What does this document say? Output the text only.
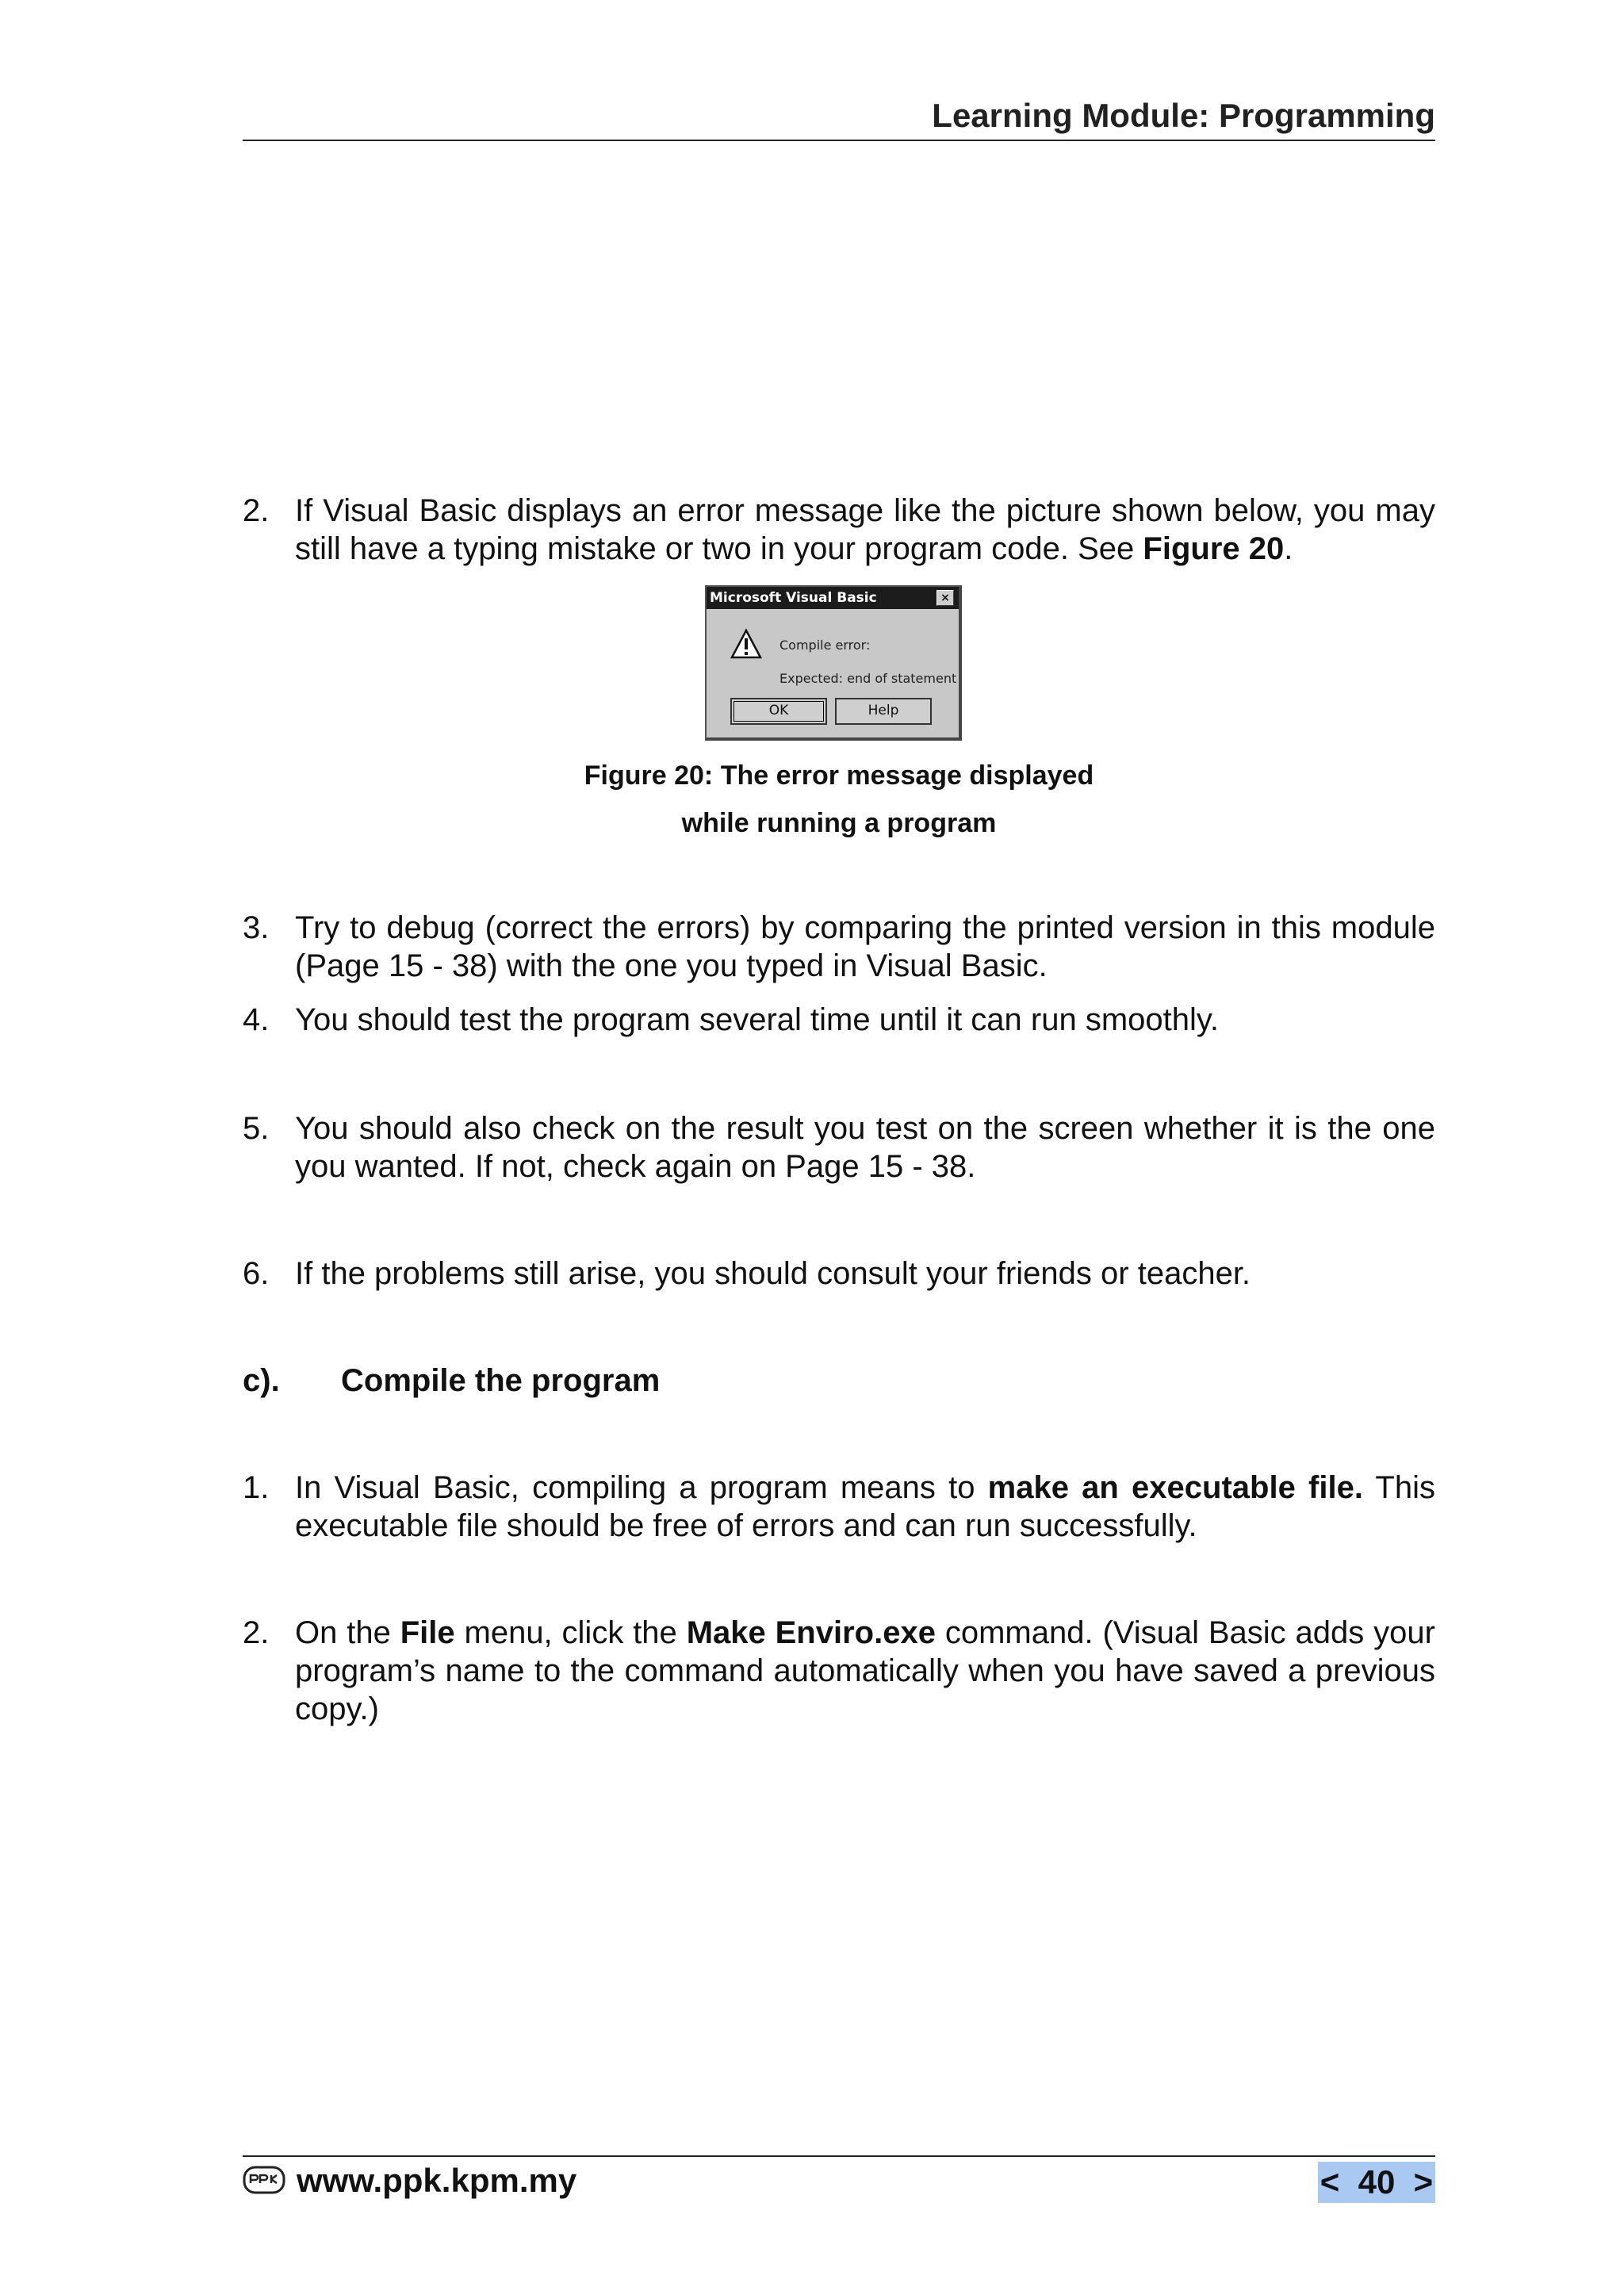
Learning Module: Programming
2. If Visual Basic displays an error message like the picture shown below, you may still have a typing mistake or two in your program code. See Figure 20.
Microsoft Visual Basic	×
Compile error:
Expected: end of statement
OK	Help
Figure 20: The error message displayed
while running a program
3. Try to debug (correct the errors) by comparing the printed version in this module (Page 15 - 38) with the one you typed in Visual Basic.
4. You should test the program several time until it can run smoothly.
5. You should also check on the result you test on the screen whether it is the one you wanted. If not, check again on Page 15 - 38.
6. If the problems still arise, you should consult your friends or teacher.
c).	Compile the program
1. In Visual Basic, compiling a program means to make an executable file. This executable file should be free of errors and can run successfully.
2. On the File menu, click the Make Enviro.exe command. (Visual Basic adds your program’s name to the command automatically when you have saved a previous copy.)
www.ppk.kpm.my	<  40  >
